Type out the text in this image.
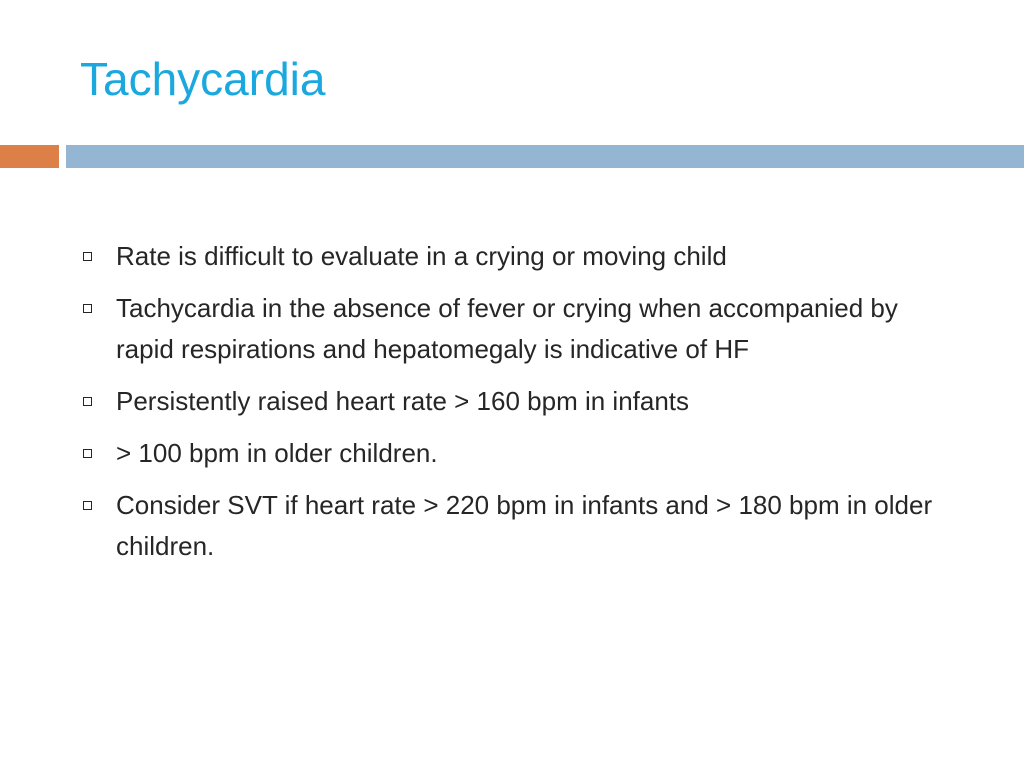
Tachycardia
Rate is difficult to evaluate in a crying or moving child
Tachycardia in the absence of fever or crying when accompanied by rapid respirations and hepatomegaly is indicative of HF
Persistently raised heart rate > 160 bpm in infants
> 100 bpm in older children.
Consider SVT if heart rate > 220 bpm in infants and > 180 bpm in older children.
